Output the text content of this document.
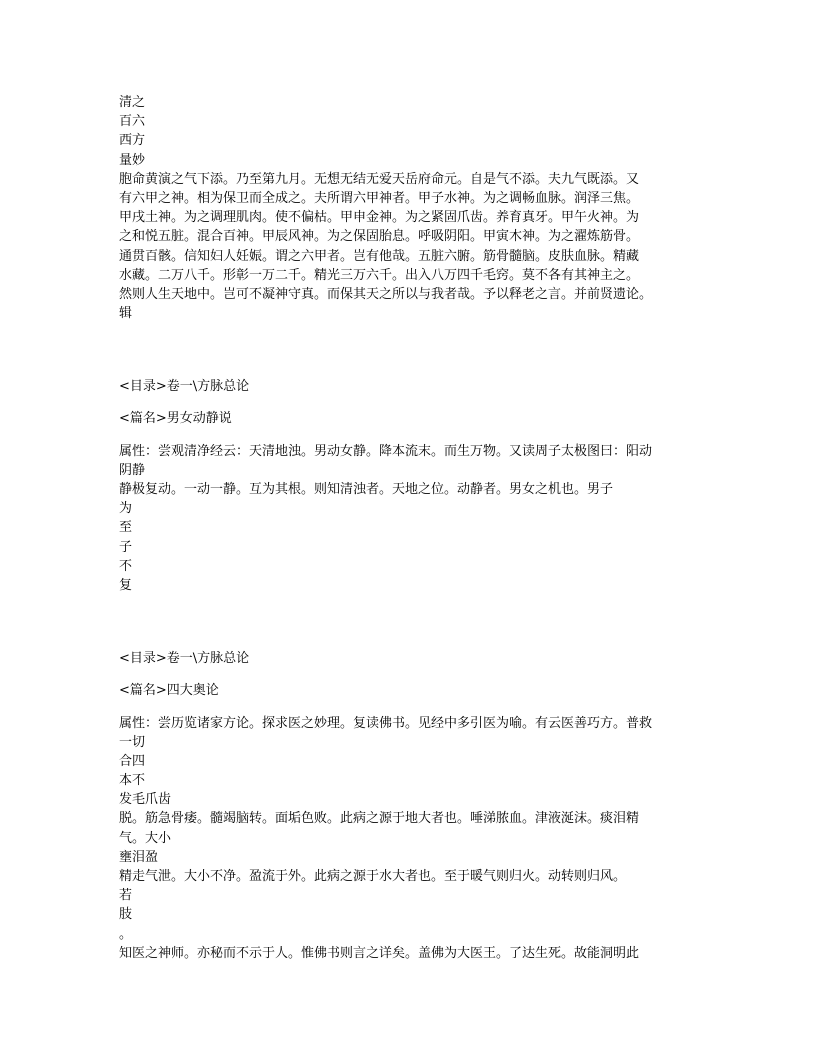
清之
百六
西方
量妙
胞命黄演之气下添。乃至第九月。无想无结无爱天岳府命元。自是气不添。夫九气既添。又
有六甲之神。相为保卫而全成之。夫所谓六甲神者。甲子水神。为之调畅血脉。润泽三焦。
甲戌土神。为之调理肌肉。使不偏枯。甲申金神。为之紧固爪齿。养育真牙。甲午火神。为
之和悦五脏。混合百神。甲辰风神。为之保固胎息。呼吸阴阳。甲寅木神。为之濯炼筋骨。
通贯百骸。信知妇人妊娠。谓之六甲者。岂有他哉。五脏六腑。筋骨髓脑。皮肤血脉。精藏
水藏。二万八千。形彰一万二千。精光三万六千。出入八万四千毛窍。莫不各有其神主之。
然则人生天地中。岂可不凝神守真。而保其天之所以与我者哉。予以释老之言。并前贤遗论。
辑
<目录>卷一\方脉总论
<篇名>男女动静说
属性：尝观清净经云：天清地浊。男动女静。降本流末。而生万物。又读周子太极图曰：阳动
阴静
静极复动。一动一静。互为其根。则知清浊者。天地之位。动静者。男女之机也。男子
为
至
子
不
复
<目录>卷一\方脉总论
<篇名>四大奥论
属性：尝历览诸家方论。探求医之妙理。复读佛书。见经中多引医为喻。有云医善巧方。普救
一切
合四
本不
发毛爪齿
脱。筋急骨痿。髓竭脑转。面垢色败。此病之源于地大者也。唾涕脓血。津液涎沫。痰泪精
气。大小
壅泪盈
精走气泄。大小不净。盈流于外。此病之源于水大者也。至于暖气则归火。动转则归风。
若
肢
。
知医之神师。亦秘而不示于人。惟佛书则言之详矣。盖佛为大医王。了达生死。故能洞明此
